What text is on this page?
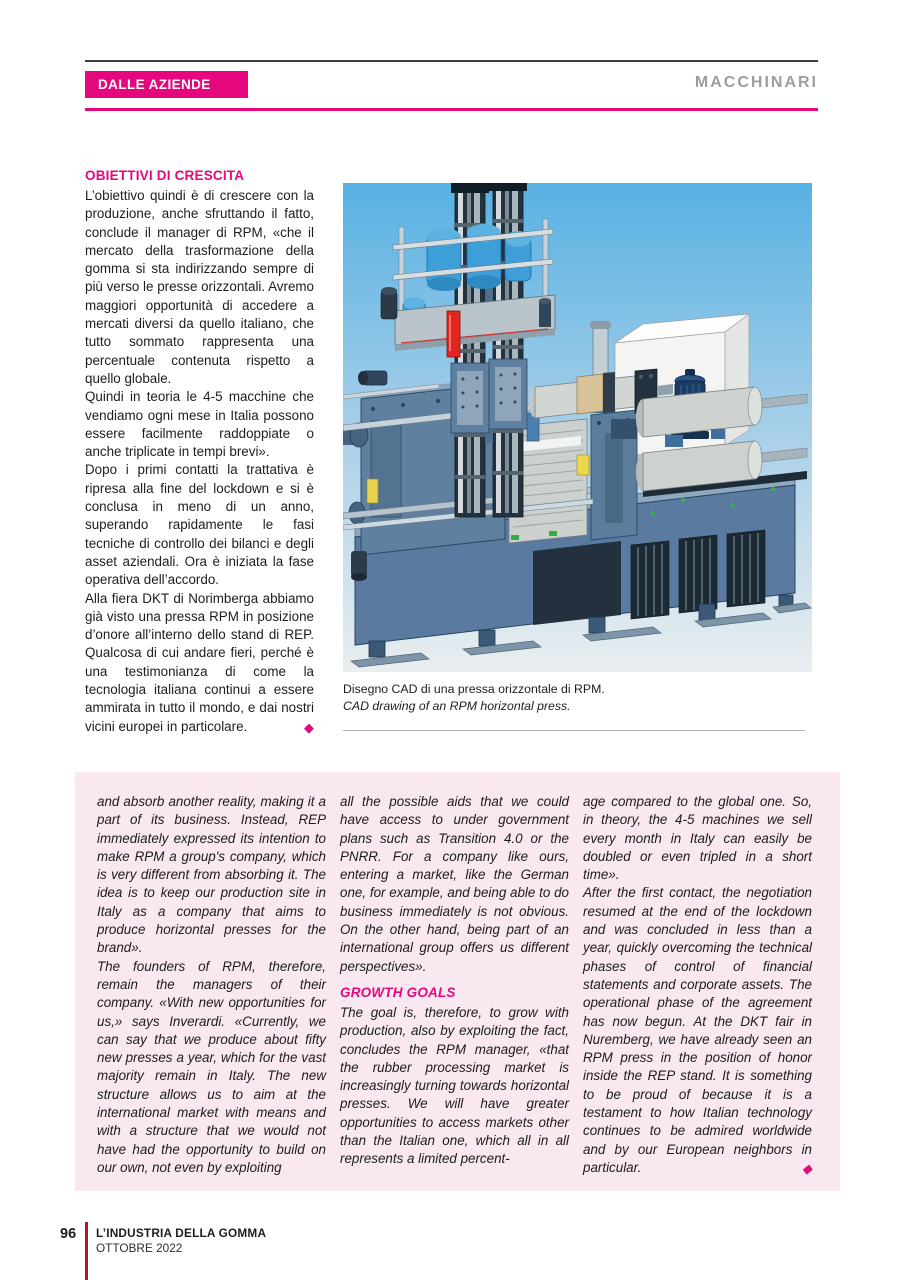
DALLE AZIENDE	MACCHINARI
OBIETTIVI DI CRESCITA

L’obiettivo quindi è di crescere con la produzione, anche sfruttando il fatto, conclude il manager di RPM, «che il mercato della trasformazione della gomma si sta indirizzando sempre di più verso le presse orizzontali. Avremo maggiori opportunità di accedere a mercati diversi da quello italiano, che tutto sommato rappresenta una percentuale contenuta rispetto a quello globale.

Quindi in teoria le 4-5 macchine che vendiamo ogni mese in Italia possono essere facilmente raddoppiate o anche triplicate in tempi brevi».

Dopo i primi contatti la trattativa è ripresa alla fine del lockdown e si è conclusa in meno di un anno, superando rapidamente le fasi tecniche di controllo dei bilanci e degli asset aziendali. Ora è iniziata la fase operativa dell’accordo.

Alla fiera DKT di Norimberga abbiamo già visto una pressa RPM in posizione d’onore all’interno dello stand di REP. Qualcosa di cui andare fieri, perché è una testimonianza di come la tecnologia italiana continui a essere ammirata in tutto il mondo, e dai nostri vicini europei in particolare.	◆
Disegno CAD di una pressa orizzontale di RPM.
CAD drawing of an RPM horizontal press.

and absorb another reality, making it a part of its business. Instead, REP immediately expressed its intention to make RPM a group's company, which is very different from absorbing it. The idea is to keep our production site in Italy as a company that aims to produce horizontal presses for the brand».

The founders of RPM, therefore, remain the managers of their company. «With new opportunities for us,» says Inverardi. «Currently, we can say that we produce about fifty new presses a year, which for the vast majority remain in Italy. The new structure allows us to aim at the international market with means and with a structure that we would not have had the opportunity to build on our own, not even by exploiting

all the possible aids that we could have access to under government plans such as Transition 4.0 or the PNRR. For a company like ours, entering a market, like the German one, for example, and being able to do business immediately is not obvious. On the other hand, being part of an international group offers us different perspectives».

GROWTH GOALS

The goal is, therefore, to grow with production, also by exploiting the fact, concludes the RPM manager, «that the rubber processing market is increasingly turning towards horizontal presses. We will have greater opportunities to access markets other than the Italian one, which all in all represents a limited percent-

age compared to the global one. So, in theory, the 4-5 machines we sell every month in Italy can easily be doubled or even tripled in a short time».

After the first contact, the negotiation resumed at the end of the lockdown and was concluded in less than a year, quickly overcoming the technical phases of control of financial statements and corporate assets. The operational phase of the agreement has now begun. At the DKT fair in Nuremberg, we have already seen an RPM press in the position of honor inside the REP stand. It is something to be proud of because it is a testament to how Italian technology continues to be admired worldwide and by our European neighbors in particular.	◆
96	L’INDUSTRIA DELLA GOMMA
OTTOBRE 2022
